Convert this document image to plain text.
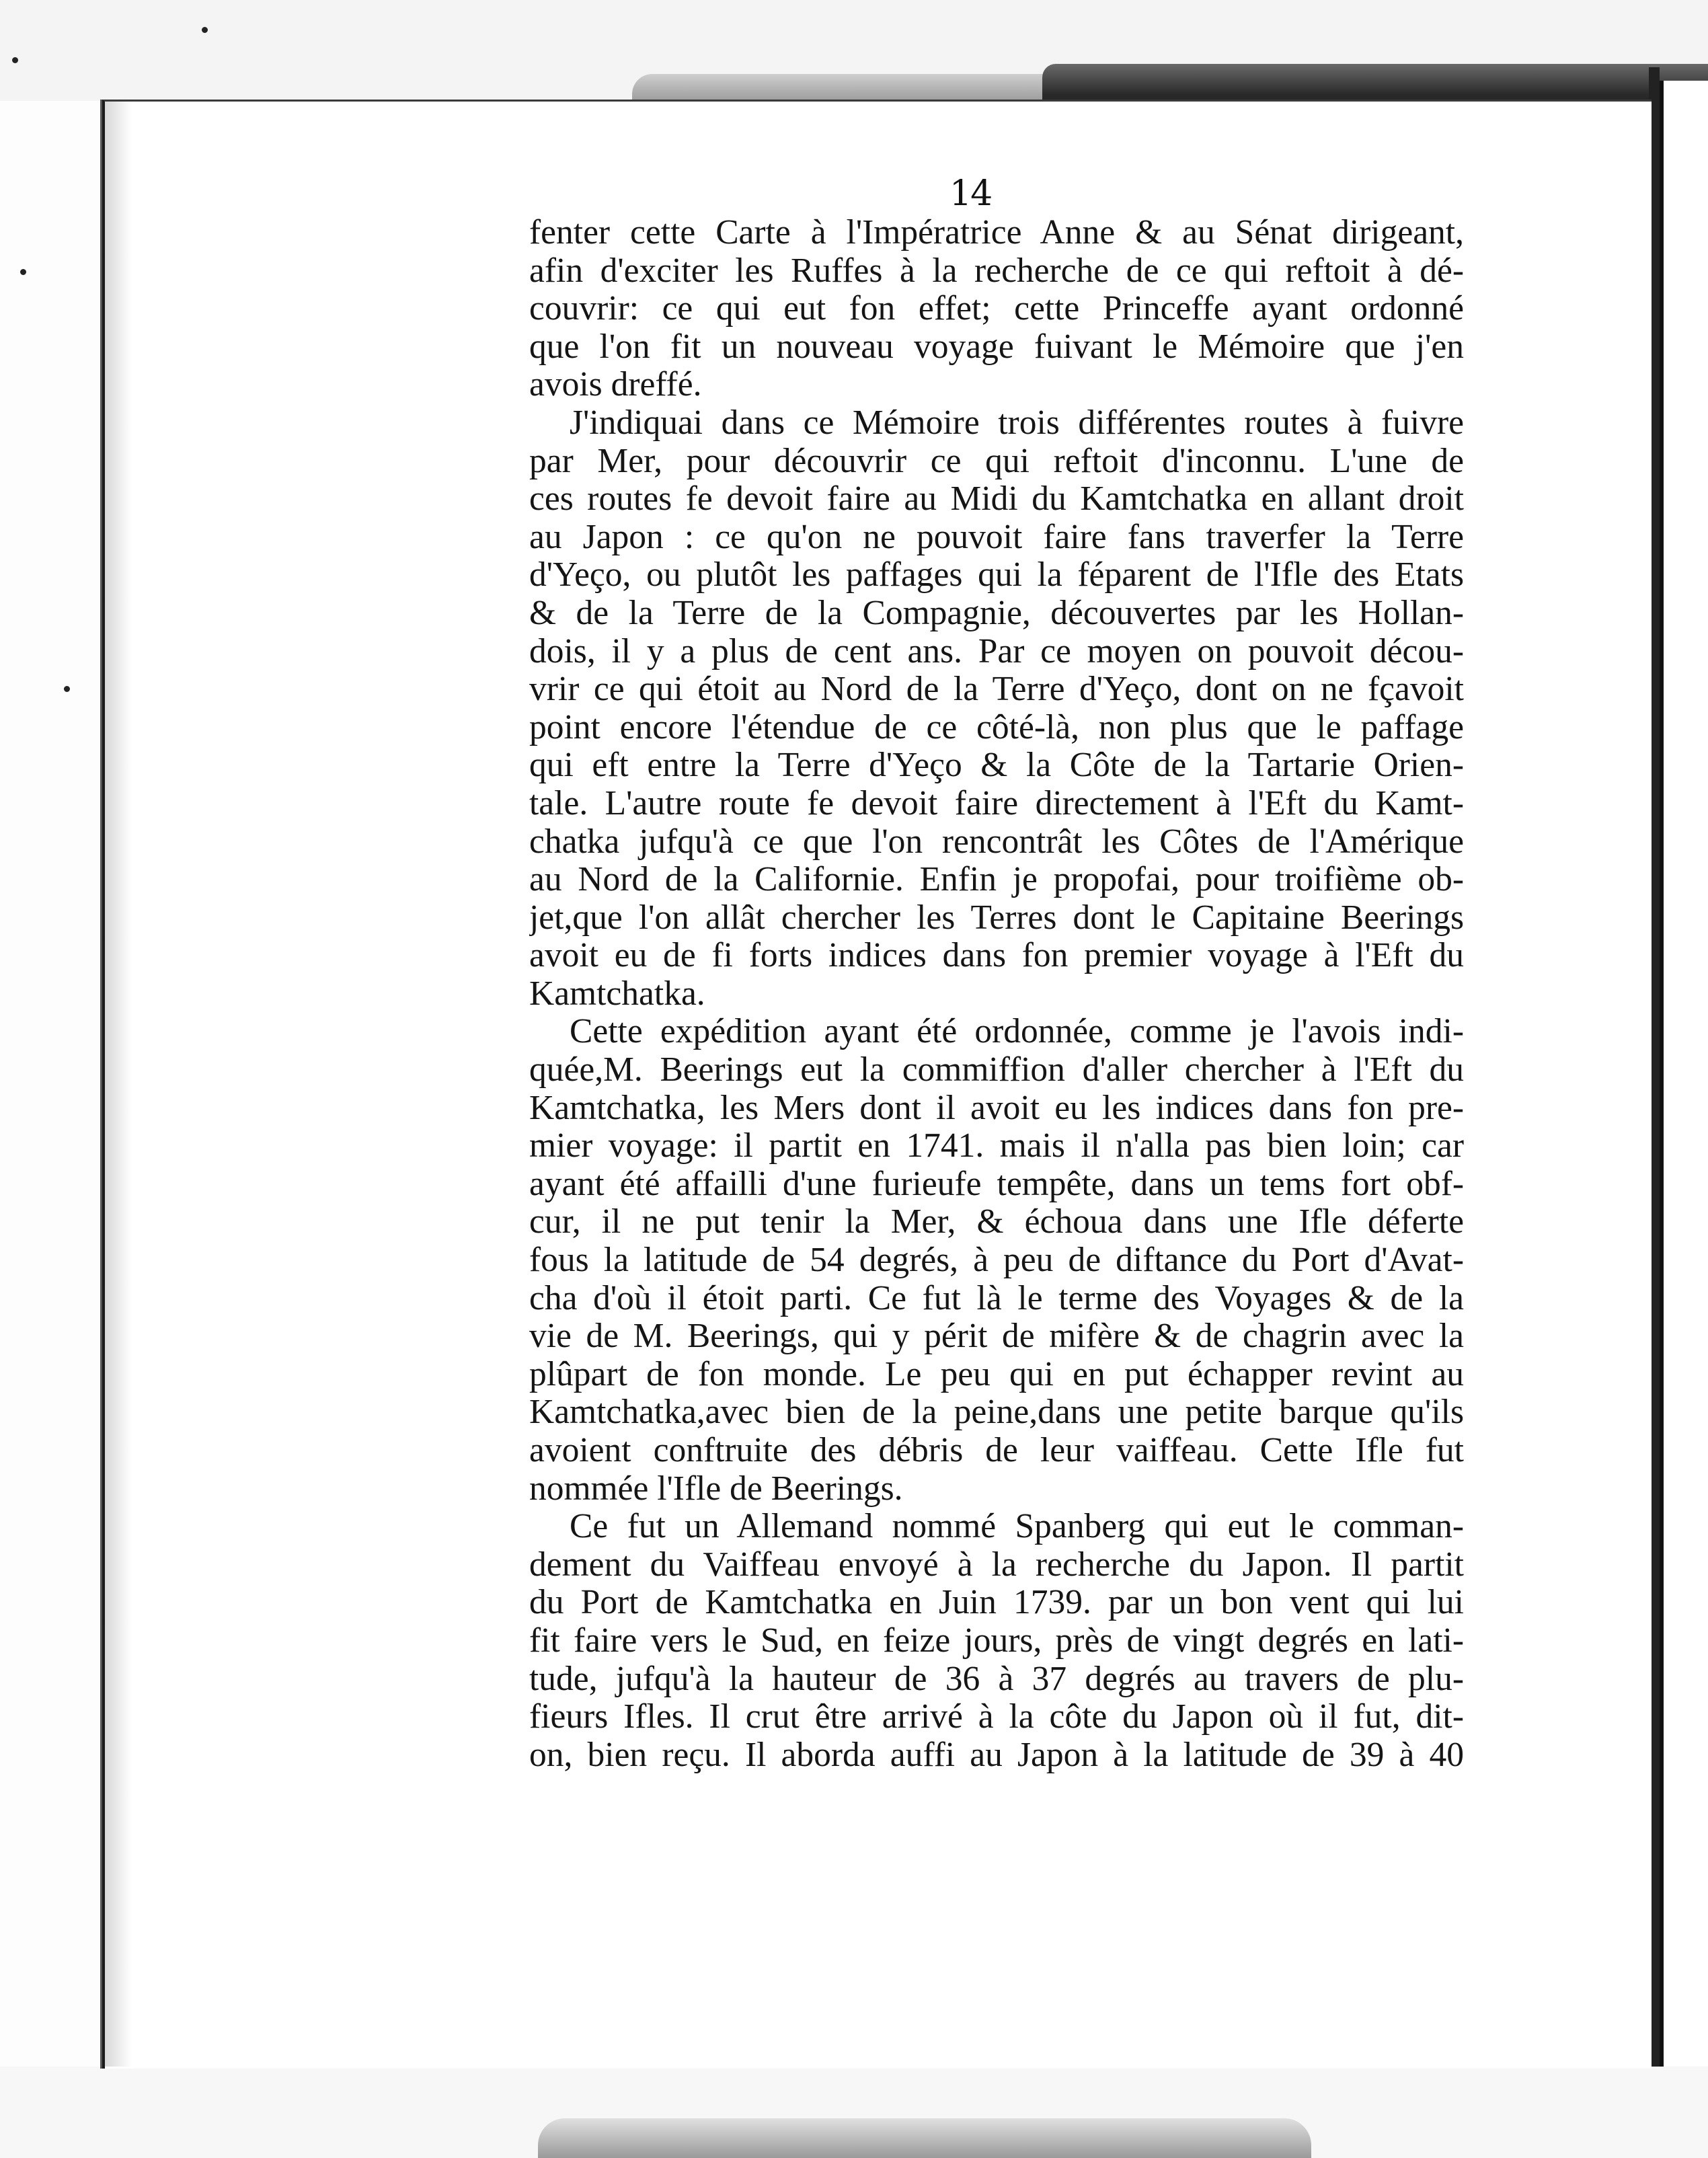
14
fenter cette Carte à l'Impératrice Anne & au Sénat dirigeant,
afin d'exciter les Ruffes à la recherche de ce qui reftoit à dé-
couvrir: ce qui eut fon effet; cette Princeffe ayant ordonné
que l'on fit un nouveau voyage fuivant le Mémoire que j'en
avois dreffé.
J'indiquai dans ce Mémoire trois différentes routes à fuivre
par Mer, pour découvrir ce qui reftoit d'inconnu. L'une de
ces routes fe devoit faire au Midi du Kamtchatka en allant droit
au Japon : ce qu'on ne pouvoit faire fans traverfer la Terre
d'Yeço, ou plutôt les paffages qui la féparent de l'Ifle des Etats
& de la Terre de la Compagnie, découvertes par les Hollan-
dois, il y a plus de cent ans. Par ce moyen on pouvoit décou-
vrir ce qui étoit au Nord de la Terre d'Yeço, dont on ne fçavoit
point encore l'étendue de ce côté-là, non plus que le paffage
qui eft entre la Terre d'Yeço & la Côte de la Tartarie Orien-
tale. L'autre route fe devoit faire directement à l'Eft du Kamt-
chatka jufqu'à ce que l'on rencontrât les Côtes de l'Amérique
au Nord de la Californie. Enfin je propofai, pour troifième ob-
jet,que l'on allât chercher les Terres dont le Capitaine Beerings
avoit eu de fi forts indices dans fon premier voyage à l'Eft du
Kamtchatka.
Cette expédition ayant été ordonnée, comme je l'avois indi-
quée,M. Beerings eut la commiffion d'aller chercher à l'Eft du
Kamtchatka, les Mers dont il avoit eu les indices dans fon pre-
mier voyage: il partit en 1741. mais il n'alla pas bien loin; car
ayant été affailli d'une furieufe tempête, dans un tems fort obf-
cur, il ne put tenir la Mer, & échoua dans une Ifle déferte
fous la latitude de 54 degrés, à peu de diftance du Port d'Avat-
cha d'où il étoit parti. Ce fut là le terme des Voyages & de la
vie de M. Beerings, qui y périt de mifère & de chagrin avec la
plûpart de fon monde. Le peu qui en put échapper revint au
Kamtchatka,avec bien de la peine,dans une petite barque qu'ils
avoient conftruite des débris de leur vaiffeau. Cette Ifle fut
nommée l'Ifle de Beerings.
Ce fut un Allemand nommé Spanberg qui eut le comman-
dement du Vaiffeau envoyé à la recherche du Japon. Il partit
du Port de Kamtchatka en Juin 1739. par un bon vent qui lui
fit faire vers le Sud, en feize jours, près de vingt degrés en lati-
tude, jufqu'à la hauteur de 36 à 37 degrés au travers de plu-
fieurs Ifles. Il crut être arrivé à la côte du Japon où il fut, dit-
on, bien reçu. Il aborda auffi au Japon à la latitude de 39 à 40
